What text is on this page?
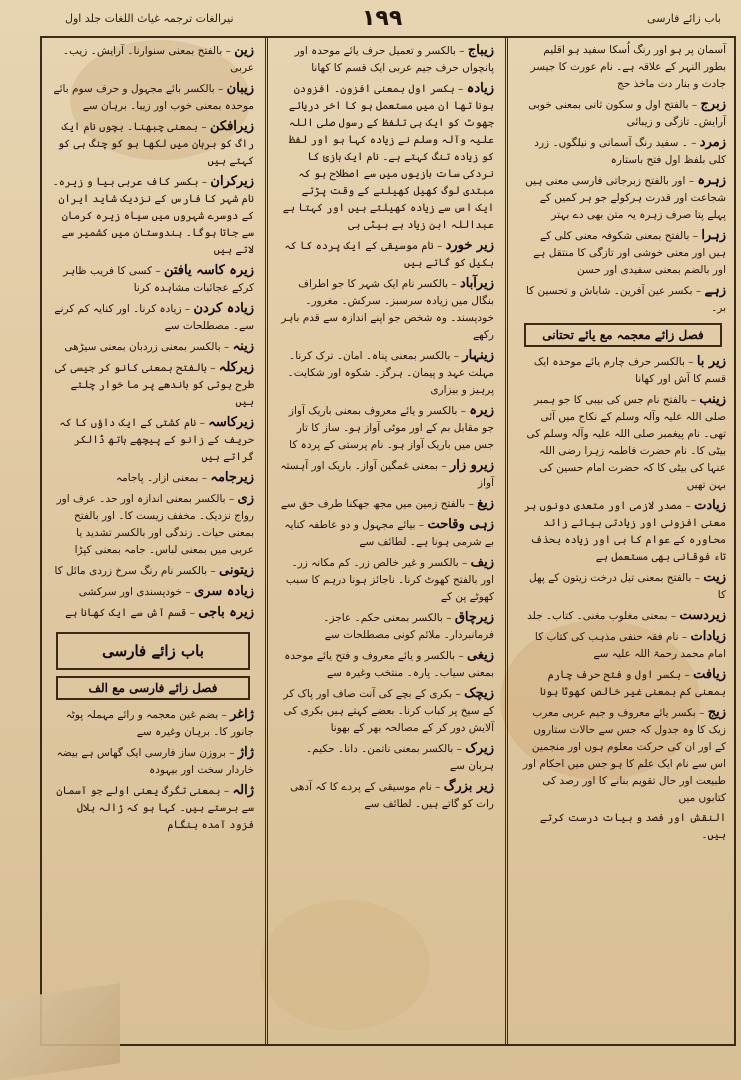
نیرالغات ترجمہ غیاث اللغات جلد اول	۱۹۹	باب زائے فارسی

آسمان پر ہو اور رنگ اُسکا سفید ہو اقلیم بطور النہر کے علاقہ ہے۔ نام عورت کا جیسر جادت و بنار دت ماخذ حج

زبرج – بالفتح اول و سکون ثانی بمعنی خوبی آرایش۔ تازگی و زیبائی

زمرد – ۔ سفید رنگ آسمانی و نیلگوں۔ زرد کلی بلفظ اول فتح باستارہ

زہرہ – اور بالفتح زبرجاتی فارسی معنی ہیں شجاعت اور قدرت ہرکولے جو ہر کمیں کے پہلے پتا صرف زہرہ یہ متن بھی دے بہتر

زہرا – بالفتح بمعنی شکوفہ معنی کلی کے ہیں اور معنی خوشی اور تازگی کا منتقل ہے اور بالضم بمعنی سفیدی اور حسن

زہے – بکسر عین آفرین۔ شاباش و تحسین کا بر۔

فصل زائے معجمہ مع یائے تحتانی

زیر با – بالکسر حرف چارم یائے موحدہ ایک قسم کا آش اور کھانا

زینب – بالفتح نام جس کی بیبی کا جو ہمبر صلی اللہ علیہ وآلہ وسلم کے نکاح میں آئی تھی۔ نام پیغمبر صلی اللہ علیہ وآلہ وسلم کی بیٹی کا۔ نام حضرت فاطمہ زہرا رضی اللہ عنہا کی بیٹی کا کہ حضرت امام حسین کی بہن تھیں

زیادت – مصدر لازمی اور متعدی دونوں ہر معنی افزونی اور زیادتی بیائے زائد محاورہ کے عوام کا ہی اور زیادہ بحذف تاء فوقانی بھی مستعمل ہے

زیت – بالفتح بمعنی تیل درخت زیتون کے پھل کا

زیردست – بمعنی مغلوب مغنی۔ کتاب۔ جلد

زیادات – نام فقہ حنفی مذہب کی کتاب کا امام محمد رحمۃ اللہ علیہ سے

زیافت – بکسر اول و فتح حرف چارم بمعنی کم بمعنی غیر خالص کھوٹا ہونا

زیج – بکسر یائے معروف و جیم عربی معرب زیک کا وہ جدول کہ جس سے حالات ستاروں کے اور ان کی حرکت معلوم ہوں اور منجمین اس سے نام ایک علم کا ہو جس میں احکام اور طبیعت اور حال تقویم بنانے کا اور رصد کی کتابوں میں

النقش اور فصد و بیات درست کرتے ہیں۔

زیباج – بالکسر و تعمیل حرف یائے موحدہ اور پانچواں حرف جیم عربی ایک قسم کا کھانا

زیادہ – بکسر اول بمعنی افزون۔ افزودن ہونا تھا ان میں مستعمل ہو کا اخر دریائے جھوٹ کو ایک ہی تلفظ کے رسول صلی اللہ علیہ وآلہ وسلم نے زیادہ کہا ہو اور لفظ کو زیادہ تنگ کہتے ہے۔ نام ایک بازئ کا نردکی سات بازیوں میں سے اصطلاح ہو کہ مبتدی لوگ کھیل کھیلنے کے وقت پڑتے ایک اس سے زیادہ کھیلتے ہیں اور کہتا ہے عبداللہ ابن زیاد ہے بیٹی ہی

زیر خورد – نام موسیقی کے ایک پردہ کا کہ بکیل کو گاتے ہیں

زیرآباد – بالکسر نام ایک شہر کا جو اطراف بنگال میں زیادہ سرسبز۔ سرکش۔ مغرور۔ خودپسند۔ وہ شخص جو اپنے اندازہ سے قدم باہر رکھے

زینہار – بالکسر بمعنی پناہ۔ امان۔ ترک کرنا۔ مہلت عہد و پیمان۔ ہرگز۔ شکوہ اور شکایت۔ پرہیز و بیزاری

زیرہ – بالکسر و یائے معروف بمعنی باریک آواز جو مقابل بم کے اور موٹی آواز ہو۔ ساز کا تار جس میں باریک آواز ہو۔ نام پرستی کے پردہ کا

زیرو زار – بمعنی غمگین آواز۔ باریک اور آہستہ آواز

زیغ – بالفتح زمین میں مجھ جھکنا طرف حق سے

زہی وقاحت – بیائے مجہول و دو عاطفہ کنایہ بے شرمی ہونا ہے۔ لطائف سے

زیف – بالکسر و غیر خالص زر۔ کم مکانہ زر۔ اور بالفتح کھوٹ کرنا۔ ناجائز ہونا درہم کا سبب کھوٹے پن کے

زیرچاق – بالکسر بمعنی حکم۔ عاجز۔ فرمانبردار۔ ملائم کونی مصطلحات سے

زیغی – بالکسر و یائے معروف و فتح یائے موحدہ بمعنی سیاب۔ پارہ۔ منتخب وغیرہ سے

زیچک – بکری کے بچے کی آنت صاف اور پاک کر کے سیخ پر کباب کرنا۔ بعضے کہتے ہیں بکری کی آلایش دور کر کے مصالحہ بھر کے بھونا

زیرک – بالکسر بمعنی ناتمن۔ دانا۔ حکیم۔ ہربان سے

زیر بزرگ – نام موسیقی کے پردے کا کہ آدھی رات کو گاتے ہیں۔ لطائف سے

زین – بالفتح بمعنی سنوارنا۔ آرایش۔ زیب۔ عربی

زیبان – بالکسر بائے مجہول و حرف سوم بائے موحدہ بمعنی خوب اور زیبا۔ برہان سے

زیرافکن – بمعنی چبھنا۔ بچوں نام ایک راگ کو برہان میں لکھا ہو کو چنگ ہی کو کہتے ہیں

زیرکران – بکسر کاف عربی بیا و زیرہ۔ نام شہر کا فارس کے نزدیک شاید ایران کے دوسرے شہروں میں سیاہ زیرہ کرمان سے جاتا ہوگا۔ ہندوستان میں کشمیر سے لاتے ہیں

زیرہ کاسہ یافتن – کسی کا فریب ظاہر کرکے عجائبات مشاہدہ کرنا

زیادہ کردن – زیادہ کرنا۔ اور کنایہ کم کرنے سے۔ مصطلحات سے

زینہ – بالکسر بمعنی زردبان بمعنی سیڑھی

زیرکلہ – بالفتح بمعنی کانو کر جیسی کی طرح ہوتی کو باندھے پر ما خوار چلتے ہیں

زیرکاسہ – نام کشتی کے ایک داؤں کا کہ حریف کے زانو کے پیچھے ہاتھ ڈالکر گراتے ہیں

زیرجامہ – بمعنی ازار۔ پاجامہ

زی – بالکسر بمعنی اندازہ اور حد۔ عرف اور رواج نزدیک۔ مخفف زیست کا۔ اور بالفتح بمعنی حیات۔ زندگی اور بالکسر تشدید یا عربی میں بمعنی لباس۔ جامہ بمعنی کپڑا

زیتونی – بالکسر نام رنگ سرخ زردی مائل کا

زیادہ سری – خودپسندی اور سرکشی

زیرہ باجی – قسم آش سے ایک کھانا ہے

باب زائے فارسی
فصل زائے فارسی مع الف

ژاغر – بضم غین معجمہ و رائے مہملہ پوٹہ جانور کا۔ برہان وغیرہ سے

ژاژ – بروزن ساز فارسی ایک گھاس ہے بیضہ خاردار سخت اور بیہودہ

ژالہ – بمعنی تگرگ یعنی اولے جو آسمان سے برستے ہیں۔ کہا ہو کہ ژالہ ہلال فزود آمدہ ہنگام
